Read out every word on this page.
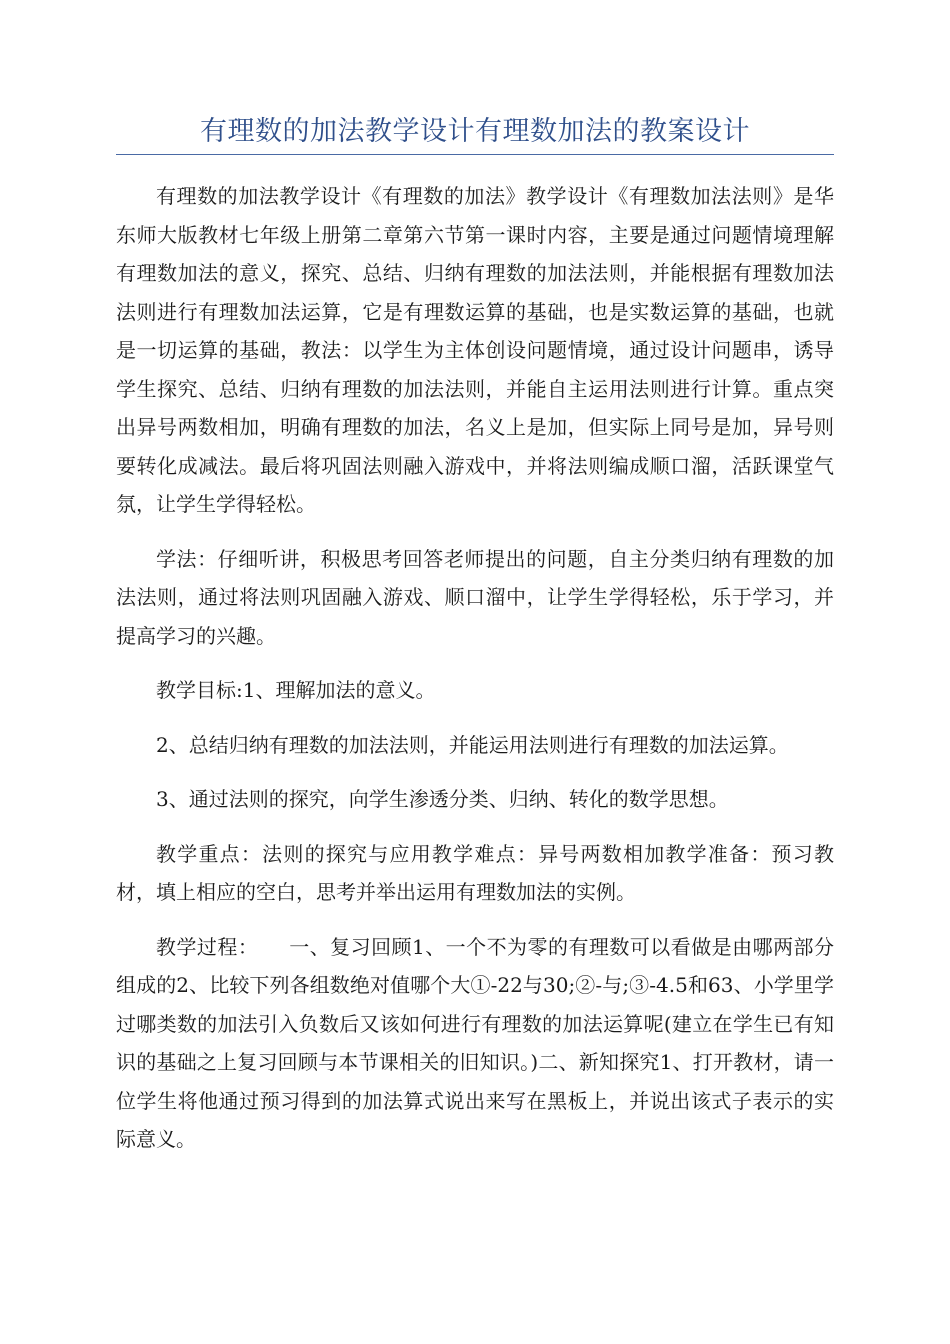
有理数的加法教学设计有理数加法的教案设计

有理数的加法教学设计《有理数的加法》教学设计《有理数加法法则》是华东师大版教材七年级上册第二章第六节第一课时内容，主要是通过问题情境理解有理数加法的意义，探究、总结、归纳有理数的加法法则，并能根据有理数加法法则进行有理数加法运算，它是有理数运算的基础，也是实数运算的基础，也就是一切运算的基础，教法：以学生为主体创设问题情境，通过设计问题串，诱导学生探究、总结、归纳有理数的加法法则，并能自主运用法则进行计算。重点突出异号两数相加，明确有理数的加法，名义上是加，但实际上同号是加，异号则要转化成减法。最后将巩固法则融入游戏中，并将法则编成顺口溜，活跃课堂气氛，让学生学得轻松。

学法：仔细听讲，积极思考回答老师提出的问题，自主分类归纳有理数的加法法则，通过将法则巩固融入游戏、顺口溜中，让学生学得轻松，乐于学习，并提高学习的兴趣。

教学目标:1、理解加法的意义。

2、总结归纳有理数的加法法则，并能运用法则进行有理数的加法运算。

3、通过法则的探究，向学生渗透分类、归纳、转化的数学思想。

教学重点：法则的探究与应用教学难点：异号两数相加教学准备：预习教材，填上相应的空白，思考并举出运用有理数加法的实例。

教学过程：　　一、复习回顾1、一个不为零的有理数可以看做是由哪两部分组成的2、比较下列各组数绝对值哪个大①-22与30;②-与;③-4.5和63、小学里学过哪类数的加法引入负数后又该如何进行有理数的加法运算呢(建立在学生已有知识的基础之上复习回顾与本节课相关的旧知识。)二、新知探究1、打开教材，请一位学生将他通过预习得到的加法算式说出来写在黑板上，并说出该式子表示的实际意义。
